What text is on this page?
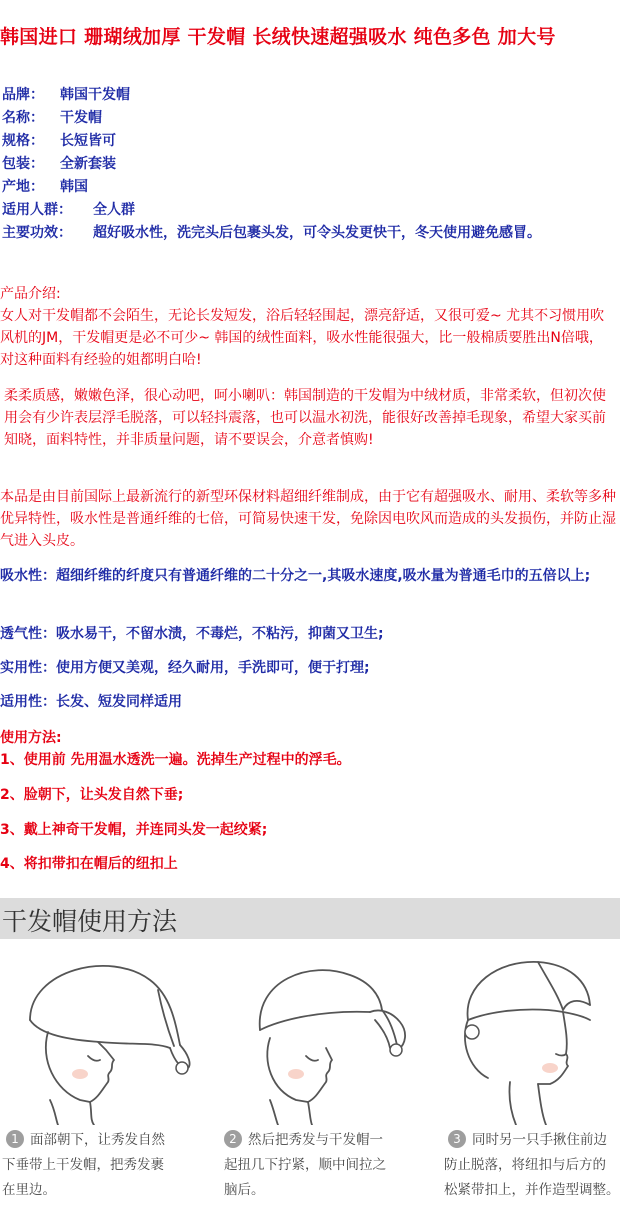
韩国进口 珊瑚绒加厚 干发帽 长绒快速超强吸水 纯色多色 加大号
品牌： 韩国干发帽
名称： 干发帽
规格： 长短皆可
包装： 全新套装
产地： 韩国
适用人群： 全人群
主要功效： 超好吸水性，洗完头后包裹头发，可令头发更快干，冬天使用避免感冒。
产品介绍:
女人对干发帽都不会陌生，无论长发短发，浴后轻轻围起，漂亮舒适，又很可爱~ 尤其不习惯用吹风机的JM，干发帽更是必不可少~ 韩国的绒性面料，吸水性能很强大，比一般棉质要胜出N倍哦，对这种面料有经验的姐都明白哈!
柔柔质感，嫩嫩色泽，很心动吧，呵小喇叭：韩国制造的干发帽为中绒材质，非常柔软，但初次使用会有少许表层浮毛脱落，可以轻抖震落，也可以温水初洗，能很好改善掉毛现象，希望大家买前知晓，面料特性，并非质量问题，请不要误会，介意者慎购!
本品是由目前国际上最新流行的新型环保材料超细纤维制成，由于它有超强吸水、耐用、柔软等多种优异特性，吸水性是普通纤维的七倍，可简易快速干发，免除因电吹风而造成的头发损伤，并防止湿气进入头皮。
吸水性：超细纤维的纤度只有普通纤维的二十分之一,其吸水速度,吸水量为普通毛巾的五倍以上;
透气性：吸水易干，不留水渍，不毒烂，不粘污，抑菌又卫生;
实用性：使用方便又美观，经久耐用，手洗即可，便于打理;
适用性：长发、短发同样适用
使用方法:
1、使用前 先用温水透洗一遍。洗掉生产过程中的浮毛。
2、脸朝下，让头发自然下垂;
3、戴上神奇干发帽，并连同头发一起绞紧;
4、将扣带扣在帽后的纽扣上
干发帽使用方法
1 面部朝下，让秀发自然
下垂带上干发帽，把秀发裹
在里边。
2 然后把秀发与干发帽一
起扭几下拧紧，顺中间拉之
脑后。
3 同时另一只手揪住前边
防止脱落，将纽扣与后方的
松紧带扣上，并作造型调整。
